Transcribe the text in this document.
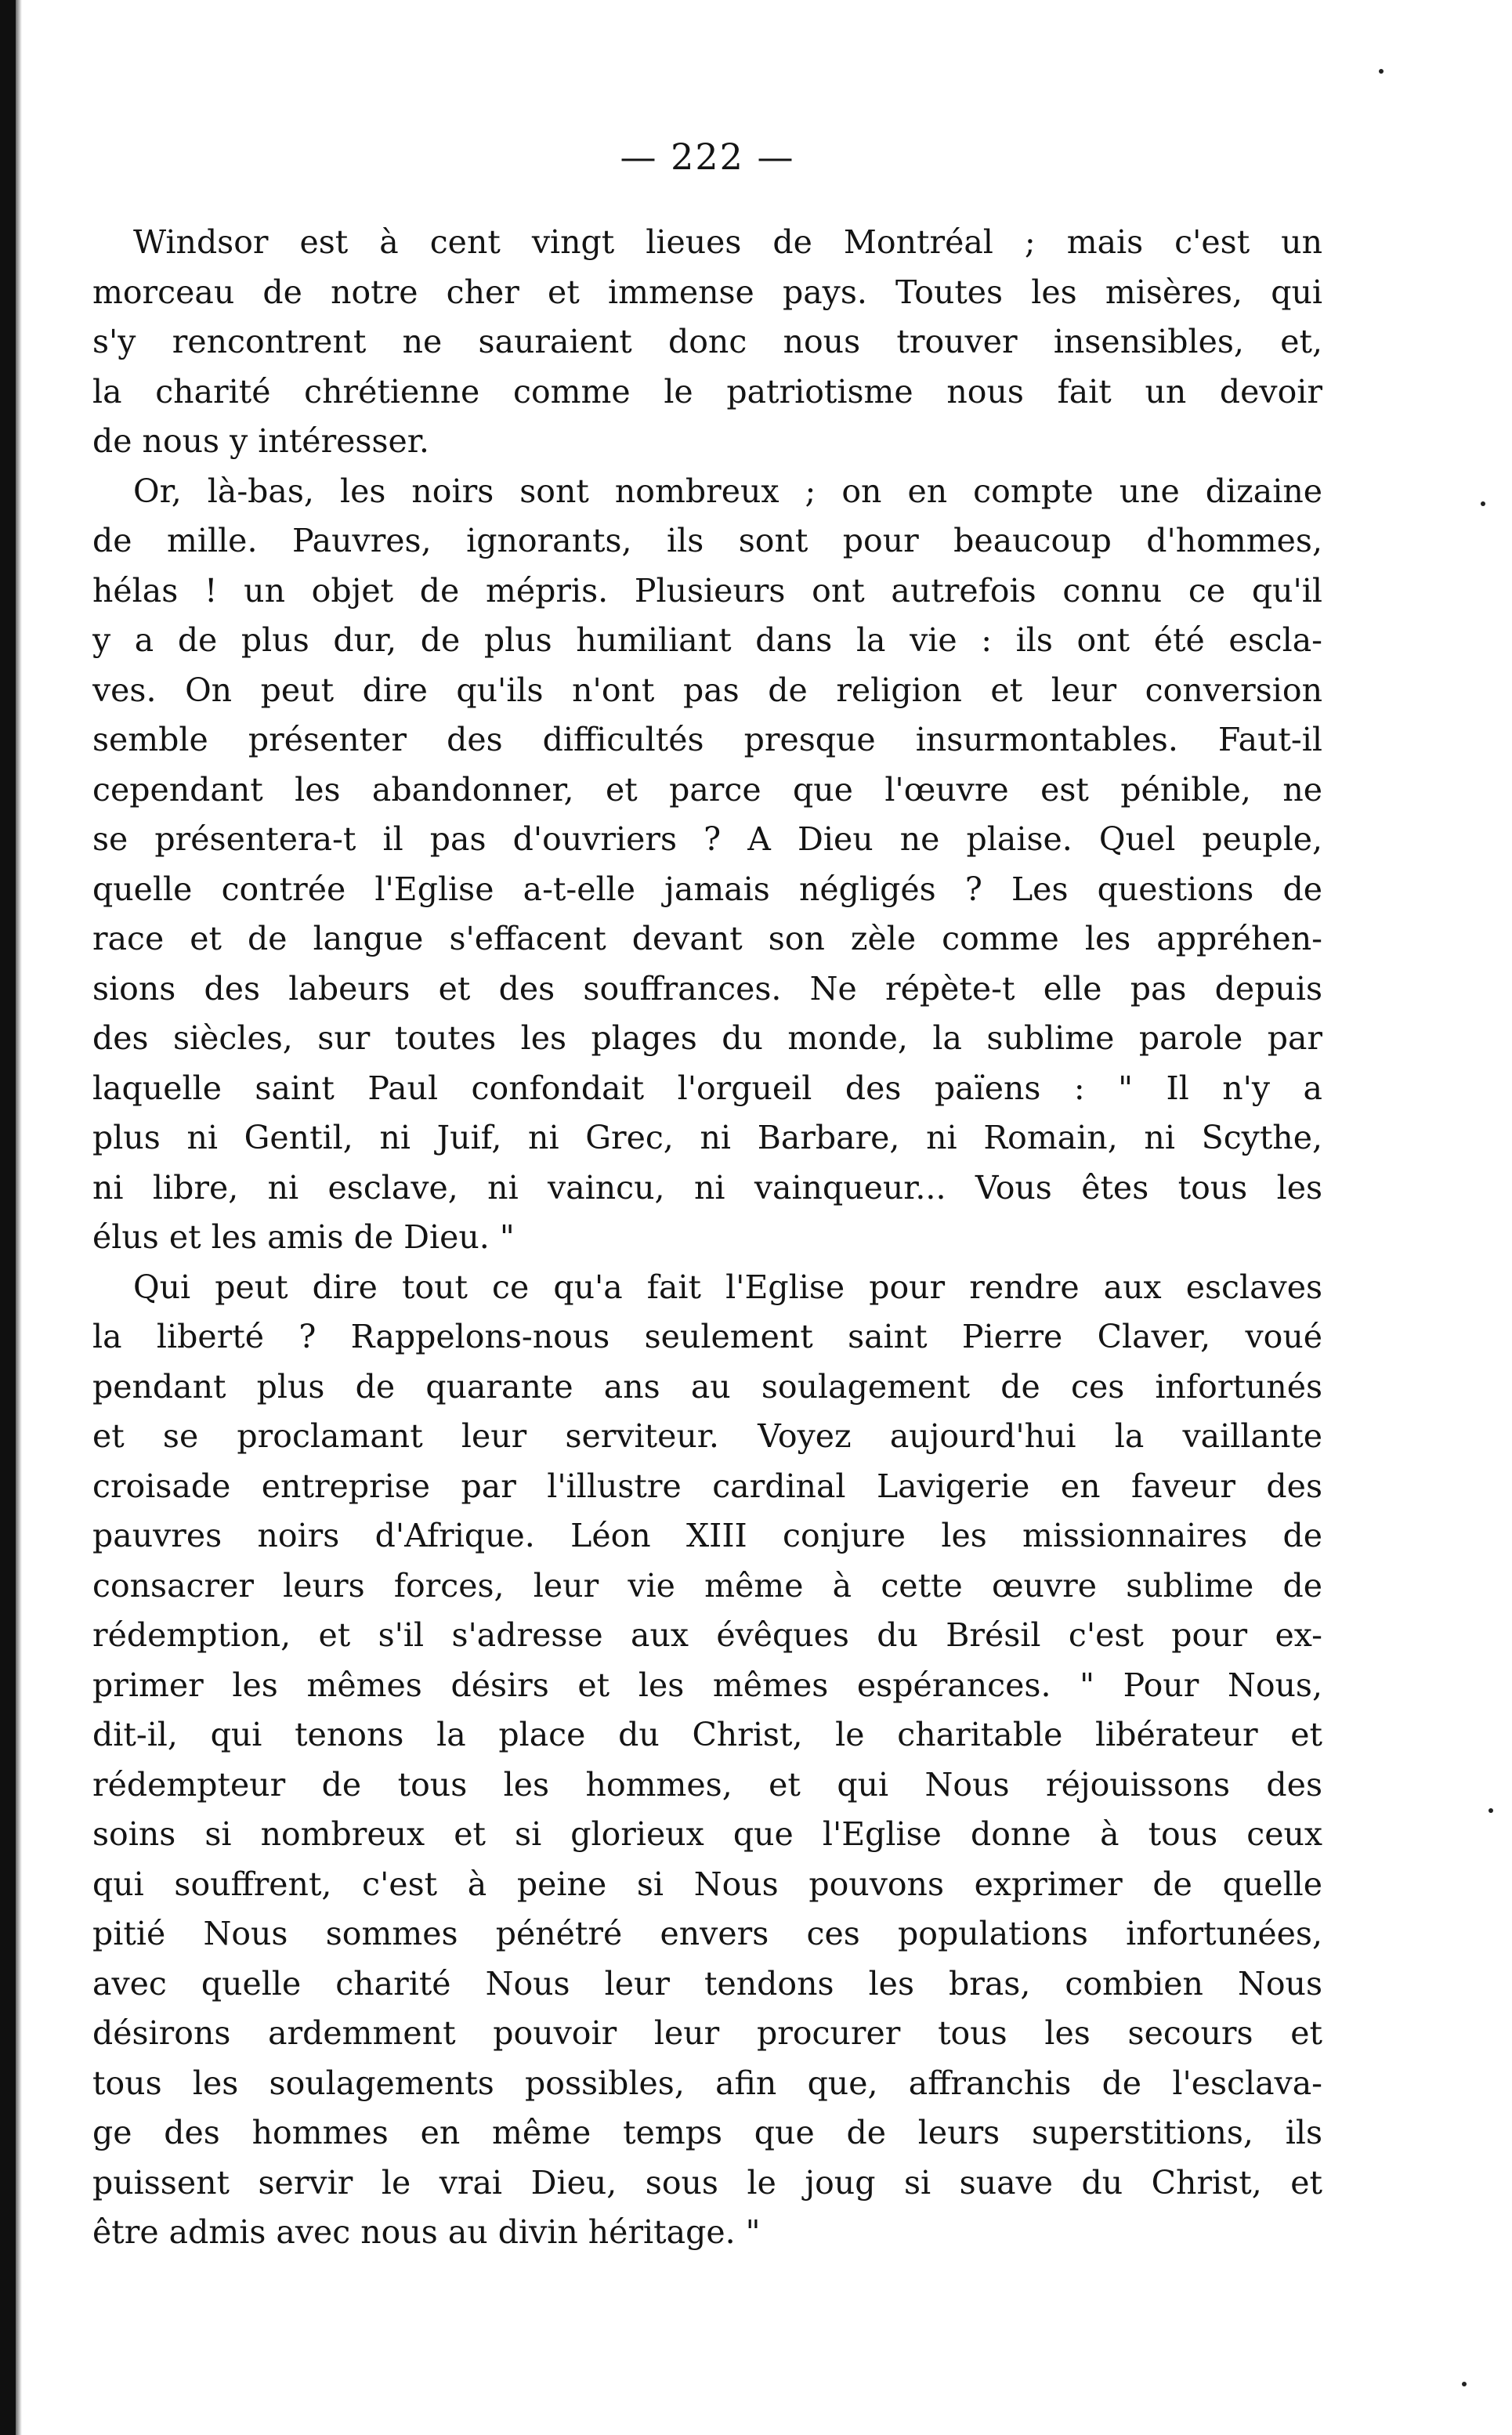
— 222 —
Windsor est à cent vingt lieues de Montréal ; mais c'est un
morceau de notre cher et immense pays. Toutes les misères, qui
s'y rencontrent ne sauraient donc nous trouver insensibles, et,
la charité chrétienne comme le patriotisme nous fait un devoir
de nous y intéresser.
Or, là-bas, les noirs sont nombreux ; on en compte une dizaine
de mille. Pauvres, ignorants, ils sont pour beaucoup d'hommes,
hélas ! un objet de mépris. Plusieurs ont autrefois connu ce qu'il
y a de plus dur, de plus humiliant dans la vie : ils ont été escla-
ves. On peut dire qu'ils n'ont pas de religion et leur conversion
semble présenter des difficultés presque insurmontables. Faut-il
cependant les abandonner, et parce que l'œuvre est pénible, ne
se présentera-t il pas d'ouvriers ? A Dieu ne plaise. Quel peuple,
quelle contrée l'Eglise a-t-elle jamais négligés ? Les questions de
race et de langue s'effacent devant son zèle comme les appréhen-
sions des labeurs et des souffrances. Ne répète-t elle pas depuis
des siècles, sur toutes les plages du monde, la sublime parole par
laquelle saint Paul confondait l'orgueil des païens : " Il n'y a
plus ni Gentil, ni Juif, ni Grec, ni Barbare, ni Romain, ni Scythe,
ni libre, ni esclave, ni vaincu, ni vainqueur... Vous êtes tous les
élus et les amis de Dieu. "
Qui peut dire tout ce qu'a fait l'Eglise pour rendre aux esclaves
la liberté ? Rappelons-nous seulement saint Pierre Claver, voué
pendant plus de quarante ans au soulagement de ces infortunés
et se proclamant leur serviteur. Voyez aujourd'hui la vaillante
croisade entreprise par l'illustre cardinal Lavigerie en faveur des
pauvres noirs d'Afrique. Léon XIII conjure les missionnaires de
consacrer leurs forces, leur vie même à cette œuvre sublime de
rédemption, et s'il s'adresse aux évêques du Brésil c'est pour ex-
primer les mêmes désirs et les mêmes espérances. " Pour Nous,
dit-il, qui tenons la place du Christ, le charitable libérateur et
rédempteur de tous les hommes, et qui Nous réjouissons des
soins si nombreux et si glorieux que l'Eglise donne à tous ceux
qui souffrent, c'est à peine si Nous pouvons exprimer de quelle
pitié Nous sommes pénétré envers ces populations infortunées,
avec quelle charité Nous leur tendons les bras, combien Nous
désirons ardemment pouvoir leur procurer tous les secours et
tous les soulagements possibles, afin que, affranchis de l'esclava-
ge des hommes en même temps que de leurs superstitions, ils
puissent servir le vrai Dieu, sous le joug si suave du Christ, et
être admis avec nous au divin héritage. "
